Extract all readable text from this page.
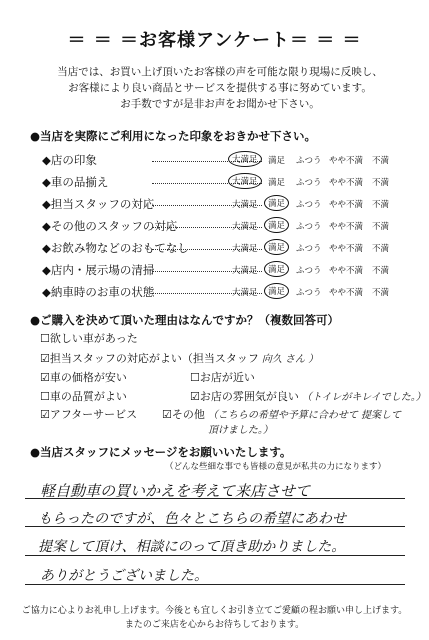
＝ ＝ ＝お客様アンケート＝ ＝ ＝
当店では、お買い上げ頂いたお客様の声を可能な限り現場に反映し、
お客様により良い商品とサービスを提供する事に努めています。
お手数ですが是非お声をお聞かせ下さい。
●当店を実際にご利用になった印象をおきかせ下さい。
◆店の印象	大満足	満足 ふつう やや不満 不満
◆車の品揃え	大満足	満足 ふつう やや不満 不満
◆担当スタッフの対応	大満足	満足	ふつう やや不満 不満
◆その他のスタッフの対応	大満足	満足	ふつう やや不満 不満
◆お飲み物などのおもてなし	大満足	満足	ふつう やや不満 不満
◆店内・展示場の清掃	大満足	満足	ふつう やや不満 不満
◆納車時のお車の状態	大満足	満足	ふつう やや不満 不満
●ご購入を決めて頂いた理由はなんですか？（複数回答可）
☐欲しい車があった
☑担当スタッフの対応がよい（担当スタッフ 向久 さん ）
☑車の価格が安い	☐お店が近い
☐車の品質がよい	☑お店の雰囲気が良い （トイレがキレイでした。）
☑アフターサービス ☑その他 （こちらの希望や予算に合わせて 提案して頂けました。）
●当店スタッフにメッセージをお願いいたします。
（どんな些細な事でも皆様の意見が私共の力になります）
軽自動車の買いかえを考えて来店させて
もらったのですが、色々とこちらの希望にあわせ
提案して頂け、相談にのって頂き助かりました。
ありがとうございました。
ご協力に心よりお礼申し上げます。今後とも宜しくお引き立てご愛顧の程お願い申し上げます。
またのご来店を心からお待ちしております。
